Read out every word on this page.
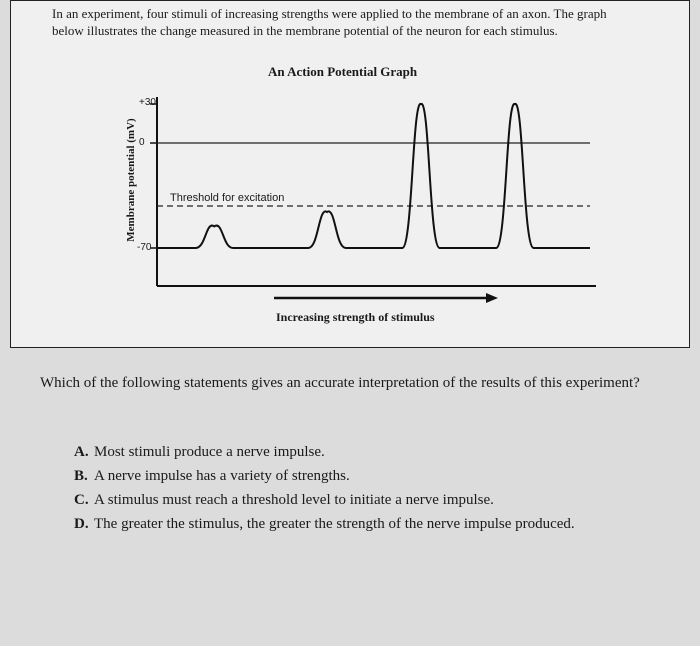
In an experiment, four stimuli of increasing strengths were applied to the membrane of an axon. The graph below illustrates the change measured in the membrane potential of the neuron for each stimulus.

An Action Potential Graph
Membrane potential (mV)
+30
0
-70
Threshold for excitation
Increasing strength of stimulus

Which of the following statements gives an accurate interpretation of the results of this experiment?

A. Most stimuli produce a nerve impulse.
B. A nerve impulse has a variety of strengths.
C. A stimulus must reach a threshold level to initiate a nerve impulse.
D. The greater the stimulus, the greater the strength of the nerve impulse produced.
